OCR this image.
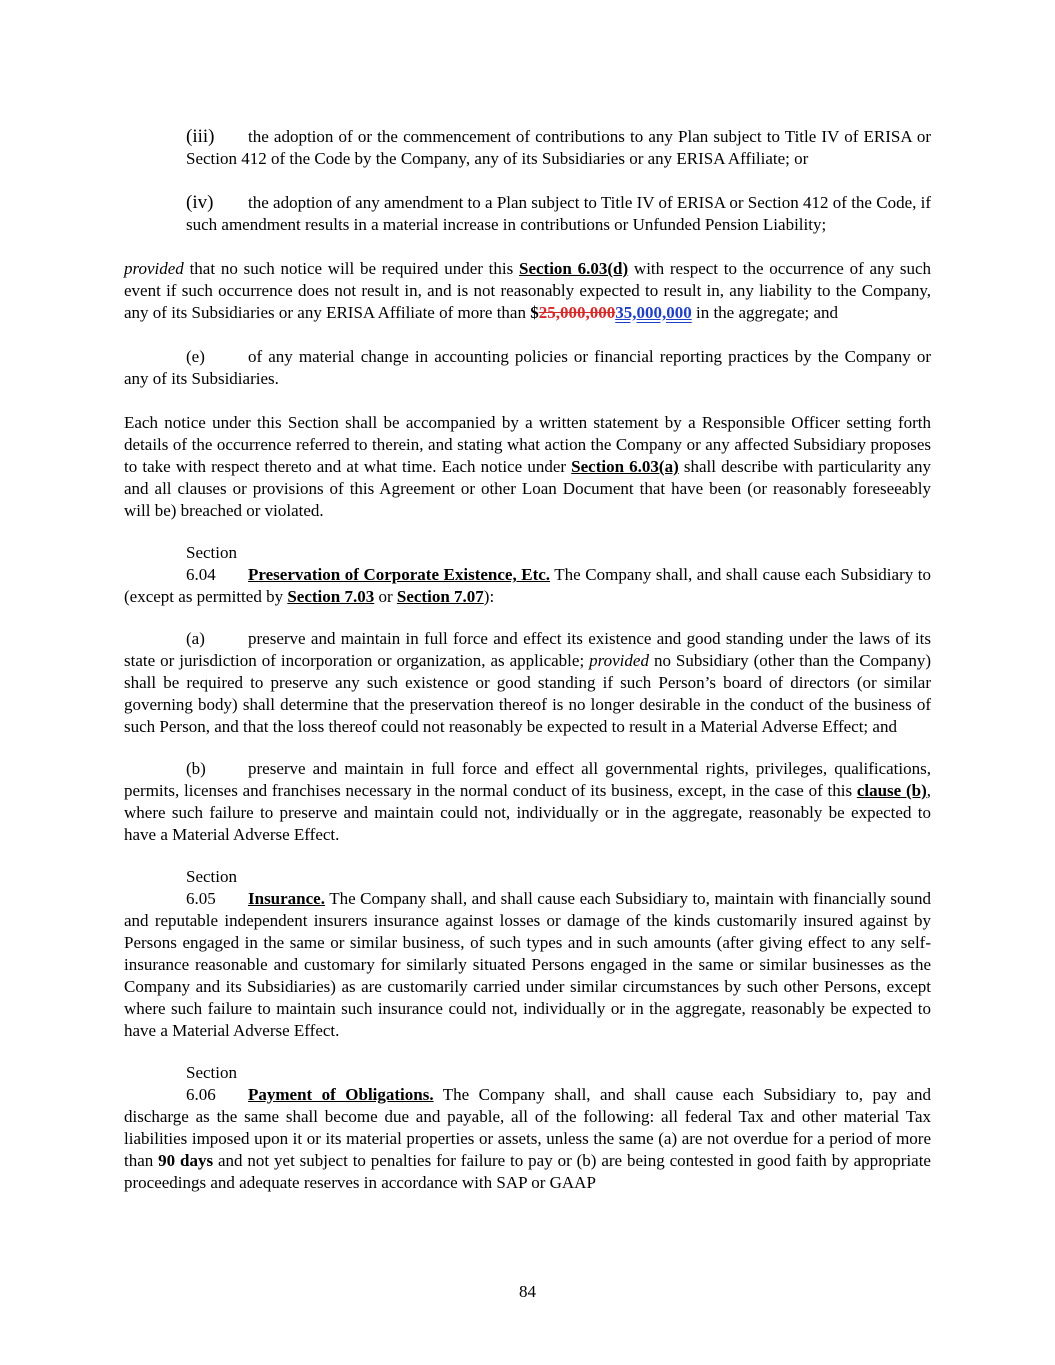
(iii) the adoption of or the commencement of contributions to any Plan subject to Title IV of ERISA or Section 412 of the Code by the Company, any of its Subsidiaries or any ERISA Affiliate; or

(iv) the adoption of any amendment to a Plan subject to Title IV of ERISA or Section 412 of the Code, if such amendment results in a material increase in contributions or Unfunded Pension Liability;

provided that no such notice will be required under this Section 6.03(d) with respect to the occurrence of any such event if such occurrence does not result in, and is not reasonably expected to result in, any liability to the Company, any of its Subsidiaries or any ERISA Affiliate of more than $25,000,00035,000,000 in the aggregate; and

(e)	of any material change in accounting policies or financial reporting practices by the Company or any of its Subsidiaries.

Each notice under this Section shall be accompanied by a written statement by a Responsible Officer setting forth details of the occurrence referred to therein, and stating what action the Company or any affected Subsidiary proposes to take with respect thereto and at what time. Each notice under Section 6.03(a) shall describe with particularity any and all clauses or provisions of this Agreement or other Loan Document that have been (or reasonably foreseeably will be) breached or violated.

Section 6.04 Preservation of Corporate Existence, Etc. The Company shall, and shall cause each Subsidiary to (except as permitted by Section 7.03 or Section 7.07):

(a)	preserve and maintain in full force and effect its existence and good standing under the laws of its state or jurisdiction of incorporation or organization, as applicable; provided no Subsidiary (other than the Company) shall be required to preserve any such existence or good standing if such Person’s board of directors (or similar governing body) shall determine that the preservation thereof is no longer desirable in the conduct of the business of such Person, and that the loss thereof could not reasonably be expected to result in a Material Adverse Effect; and

(b) preserve and maintain in full force and effect all governmental rights, privileges, qualifications, permits, licenses and franchises necessary in the normal conduct of its business, except, in the case of this clause (b), where such failure to preserve and maintain could not, individually or in the aggregate, reasonably be expected to have a Material Adverse Effect.

Section 6.05 Insurance. The Company shall, and shall cause each Subsidiary to, maintain with financially sound and reputable independent insurers insurance against losses or damage of the kinds customarily insured against by Persons engaged in the same or similar business, of such types and in such amounts (after giving effect to any self-insurance reasonable and customary for similarly situated Persons engaged in the same or similar businesses as the Company and its Subsidiaries) as are customarily carried under similar circumstances by such other Persons, except where such failure to maintain such insurance could not, individually or in the aggregate, reasonably be expected to have a Material Adverse Effect.

Section 6.06 Payment of Obligations. The Company shall, and shall cause each Subsidiary to, pay and discharge as the same shall become due and payable, all of the following: all federal Tax and other material Tax liabilities imposed upon it or its material properties or assets, unless the same (a) are not overdue for a period of more than 90 days and not yet subject to penalties for failure to pay or (b) are being contested in good faith by appropriate proceedings and adequate reserves in accordance with SAP or GAAP

84
